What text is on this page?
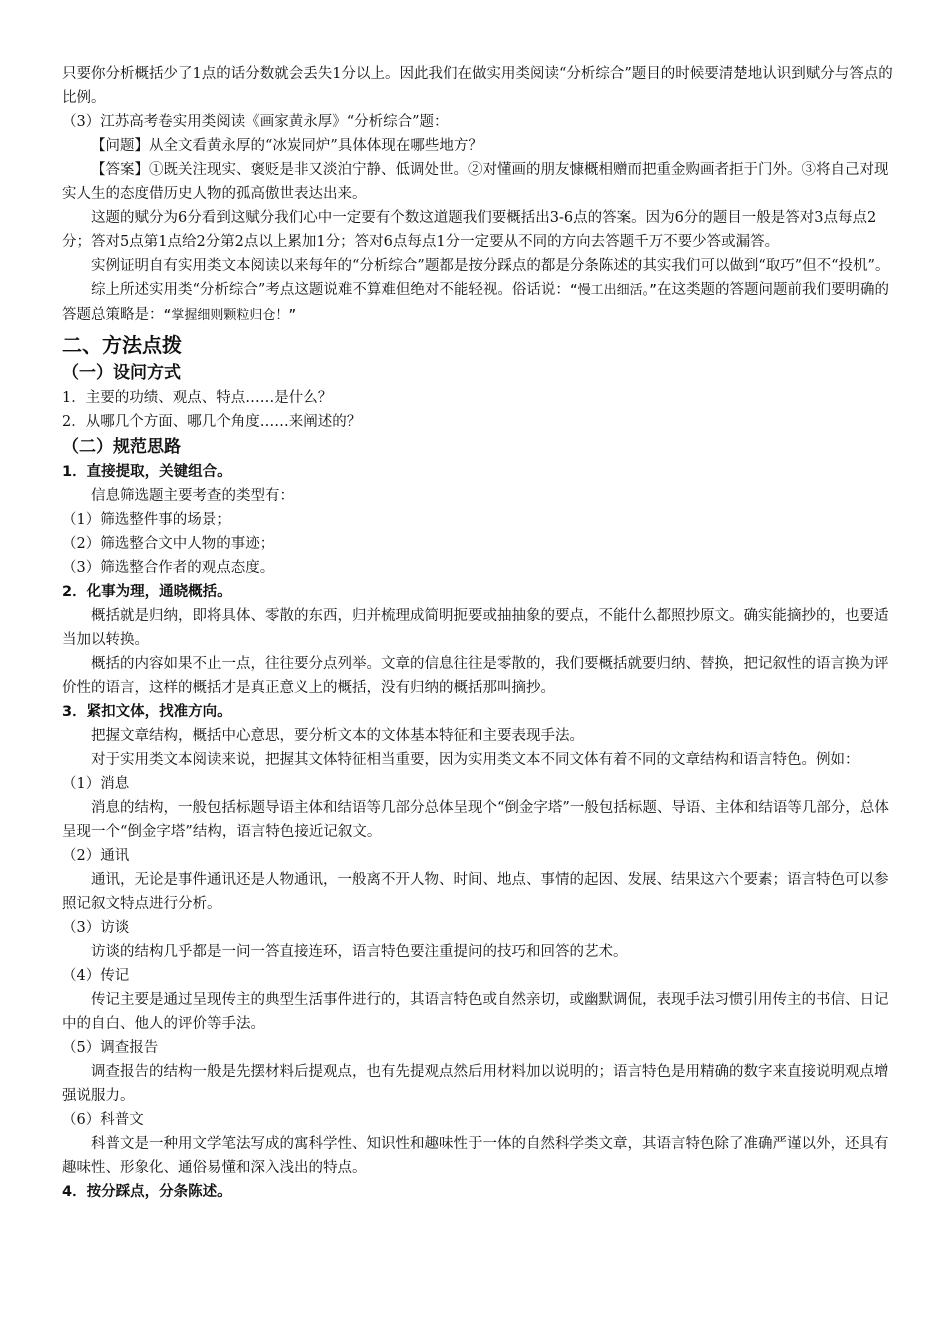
只要你分析概括少了1点的话分数就会丢失1分以上。因此我们在做实用类阅读“分析综合”题目的时候要清楚地认识到赋分与答点的比例。

（3）江苏高考卷实用类阅读《画家黄永厚》“分析综合”题：

【问题】从全文看黄永厚的“冰炭同炉”具体体现在哪些地方？

【答案】①既关注现实、褒贬是非又淡泊宁静、低调处世。②对懂画的朋友慷概相赠而把重金购画者拒于门外。③将自己对现实人生的态度借历史人物的孤高傲世表达出来。

这题的赋分为6分看到这赋分我们心中一定要有个数这道题我们要概括出3-6点的答案。因为6分的题目一般是答对3点每点2分；答对5点第1点给2分第2点以上累加1分；答对6点每点1分一定要从不同的方向去答题千万不要少答或漏答。

实例证明自有实用类文本阅读以来每年的“分析综合”题都是按分踩点的都是分条陈述的其实我们可以做到“取巧”但不“投机”。

综上所述实用类“分析综合”考点这题说难不算难但绝对不能轻视。俗话说：“慢工出细活。”在这类题的答题问题前我们要明确的答题总策略是：“掌握细则颗粒归仓！”

二、方法点拨

（一）设问方式

1．主要的功绩、观点、特点……是什么？

2．从哪几个方面、哪几个角度……来阐述的？

（二）规范思路

1．直接提取，关键组合。

信息筛选题主要考查的类型有：

（1）筛选整件事的场景；

（2）筛选整合文中人物的事迹；

（3）筛选整合作者的观点态度。

2．化事为理，通晓概括。

概括就是归纳，即将具体、零散的东西，归并梳理成简明扼要或抽抽象的要点，不能什么都照抄原文。确实能摘抄的，也要适当加以转换。

概括的内容如果不止一点，往往要分点列举。文章的信息往往是零散的，我们要概括就要归纳、替换，把记叙性的语言换为评价性的语言，这样的概括才是真正意义上的概括，没有归纳的概括那叫摘抄。

3．紧扣文体，找准方向。

把握文章结构，概括中心意思，要分析文本的文体基本特征和主要表现手法。

对于实用类文本阅读来说，把握其文体特征相当重要，因为实用类文本不同文体有着不同的文章结构和语言特色。例如：

（1）消息

消息的结构，一般包括标题导语主体和结语等几部分总体呈现个“倒金字塔”一般包括标题、导语、主体和结语等几部分，总体呈现一个“倒金字塔”结构，语言特色接近记叙文。

（2）通讯

通讯，无论是事件通讯还是人物通讯，一般离不开人物、时间、地点、事情的起因、发展、结果这六个要素；语言特色可以参照记叙文特点进行分析。

（3）访谈

访谈的结构几乎都是一问一答直接连环，语言特色要注重提问的技巧和回答的艺术。

（4）传记

传记主要是通过呈现传主的典型生活事件进行的，其语言特色或自然亲切，或幽默调侃，表现手法习惯引用传主的书信、日记中的自白、他人的评价等手法。

（5）调查报告

调查报告的结构一般是先摆材料后提观点，也有先提观点然后用材料加以说明的；语言特色是用精确的数字来直接说明观点增强说服力。

（6）科普文

科普文是一种用文学笔法写成的寓科学性、知识性和趣味性于一体的自然科学类文章，其语言特色除了准确严谨以外，还具有趣味性、形象化、通俗易懂和深入浅出的特点。

4．按分踩点，分条陈述。
